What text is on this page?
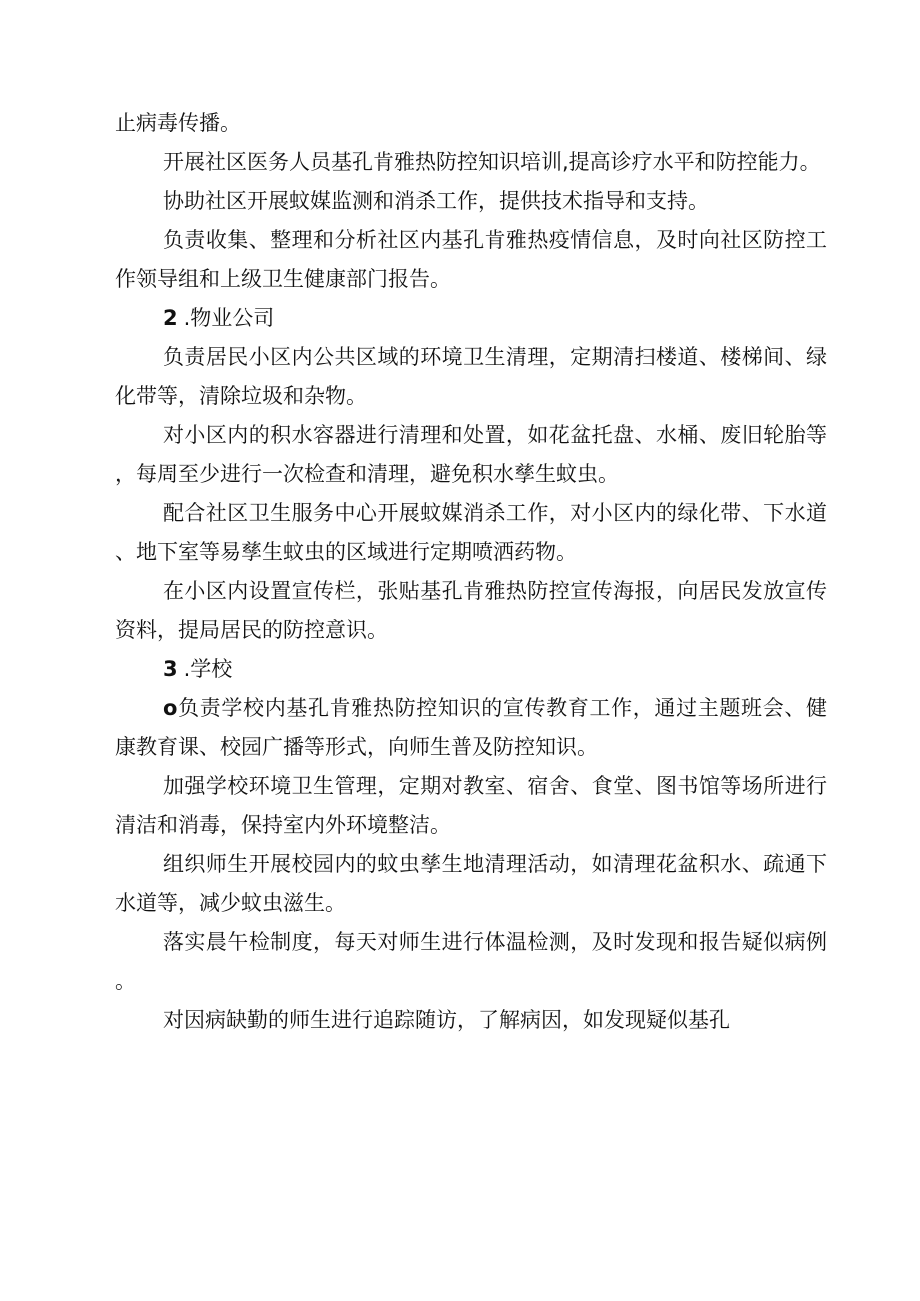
止病毒传播。

开展社区医务人员基孔肯雅热防控知识培训,提高诊疗水平和防控能力。

协助社区开展蚊媒监测和消杀工作，提供技术指导和支持。

负责收集、整理和分析社区内基孔肯雅热疫情信息，及时向社区防控工作领导组和上级卫生健康部门报告。

2 .物业公司

负责居民小区内公共区域的环境卫生清理，定期清扫楼道、楼梯间、绿化带等，清除垃圾和杂物。

对小区内的积水容器进行清理和处置，如花盆托盘、水桶、废旧轮胎等，每周至少进行一次检查和清理，避免积水孳生蚊虫。

配合社区卫生服务中心开展蚊媒消杀工作，对小区内的绿化带、下水道、地下室等易孳生蚊虫的区域进行定期喷洒药物。

在小区内设置宣传栏，张贴基孔肯雅热防控宣传海报，向居民发放宣传资料，提局居民的防控意识。

3 .学校

o负责学校内基孔肯雅热防控知识的宣传教育工作，通过主题班会、健康教育课、校园广播等形式，向师生普及防控知识。

加强学校环境卫生管理，定期对教室、宿舍、食堂、图书馆等场所进行清洁和消毒，保持室内外环境整洁。

组织师生开展校园内的蚊虫孳生地清理活动，如清理花盆积水、疏通下水道等，减少蚊虫滋生。

落实晨午检制度，每天对师生进行体温检测，及时发现和报告疑似病例。

对因病缺勤的师生进行追踪随访，了解病因，如发现疑似基孔
